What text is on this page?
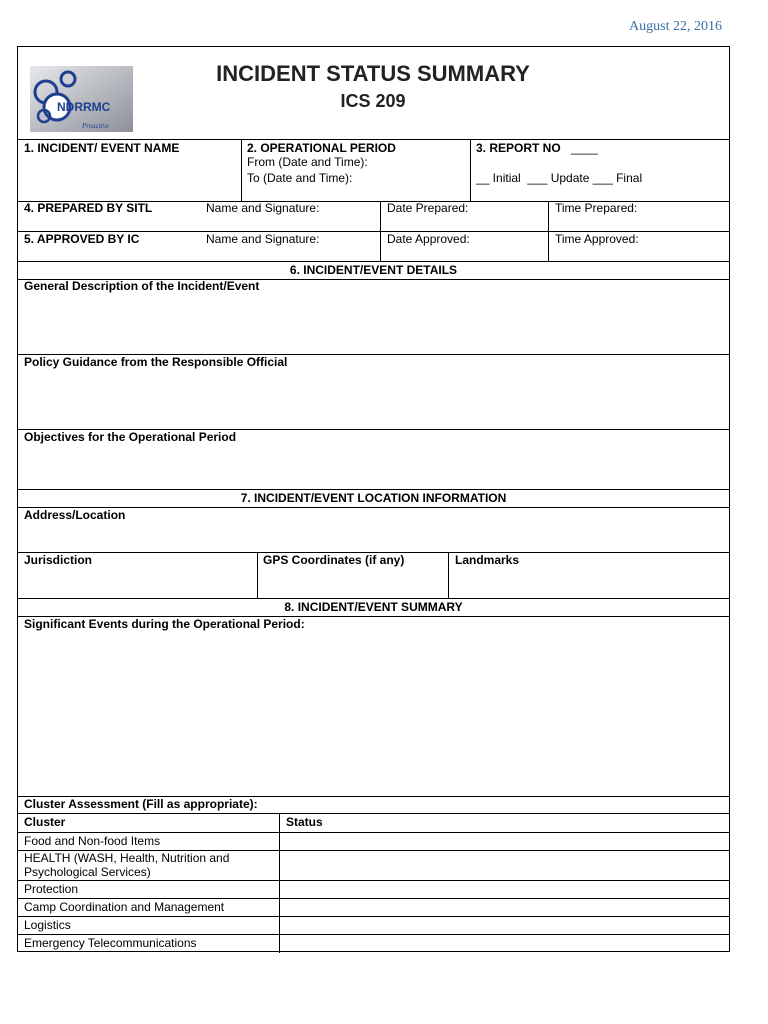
August 22, 2016
NDRRMC
Proactive
INCIDENT STATUS SUMMARY
ICS 209
1. INCIDENT/ EVENT NAME	2. OPERATIONAL PERIOD
From (Date and Time):
To (Date and Time):
3. REPORT NO ____
__ Initial  ___ Update ___ Final
4. PREPARED BY SITL	Name and Signature:	Date Prepared:	Time Prepared:
5. APPROVED BY IC	Name and Signature:	Date Approved:	Time Approved:
6. INCIDENT/EVENT DETAILS
General Description of the Incident/Event
Policy Guidance from the Responsible Official
Objectives for the Operational Period
7. INCIDENT/EVENT LOCATION INFORMATION
Address/Location
Jurisdiction	GPS Coordinates (if any)	Landmarks
8. INCIDENT/EVENT SUMMARY
Significant Events during the Operational Period:
Cluster Assessment (Fill as appropriate):
Cluster	Status
Food and Non-food Items
HEALTH (WASH, Health, Nutrition and
Psychological Services)
Protection
Camp Coordination and Management
Logistics
Emergency Telecommunications
